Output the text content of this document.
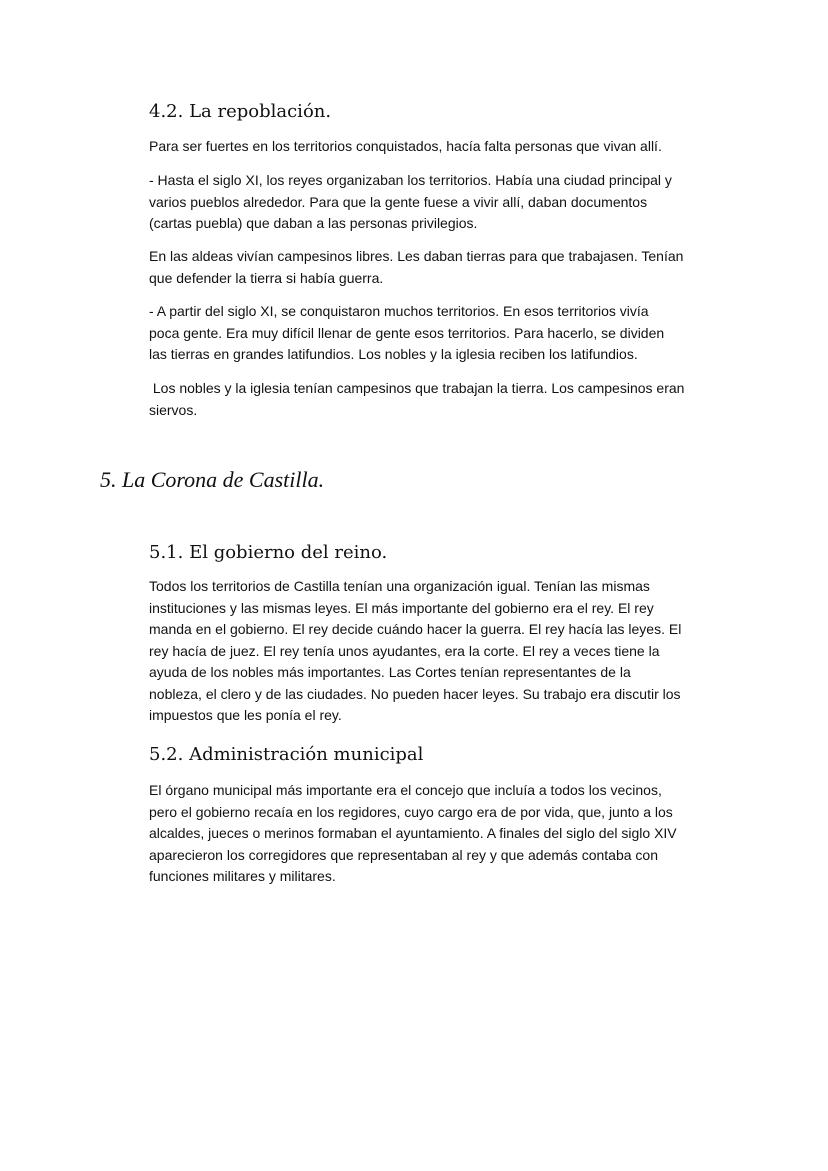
4.2. La repoblación.

Para ser fuertes en los territorios conquistados, hacía falta personas que vivan allí.

- Hasta el siglo XI, los reyes organizaban los territorios. Había una ciudad principal y
varios pueblos alrededor. Para que la gente fuese a vivir allí, daban documentos
(cartas puebla) que daban a las personas privilegios.

En las aldeas vivían campesinos libres. Les daban tierras para que trabajasen. Tenían
que defender la tierra si había guerra.

- A partir del siglo XI, se conquistaron muchos territorios. En esos territorios vivía
poca gente. Era muy difícil llenar de gente esos territorios. Para hacerlo, se dividen
las tierras en grandes latifundios. Los nobles y la iglesia reciben los latifundios.

Los nobles y la iglesia tenían campesinos que trabajan la tierra. Los campesinos eran
siervos.

5. La Corona de Castilla.
5.1. El gobierno del reino.

Todos los territorios de Castilla tenían una organización igual. Tenían las mismas
instituciones y las mismas leyes. El más importante del gobierno era el rey. El rey
manda en el gobierno. El rey decide cuándo hacer la guerra. El rey hacía las leyes. El
rey hacía de juez. El rey tenía unos ayudantes, era la corte. El rey a veces tiene la
ayuda de los nobles más importantes. Las Cortes tenían representantes de la
nobleza, el clero y de las ciudades. No pueden hacer leyes. Su trabajo era discutir los
impuestos que les ponía el rey.

5.2. Administración municipal

El órgano municipal más importante era el concejo que incluía a todos los vecinos,
pero el gobierno recaía en los regidores, cuyo cargo era de por vida, que, junto a los
alcaldes, jueces o merinos formaban el ayuntamiento. A finales del siglo del siglo XIV
aparecieron los corregidores que representaban al rey y que además contaba con
funciones militares y militares.
